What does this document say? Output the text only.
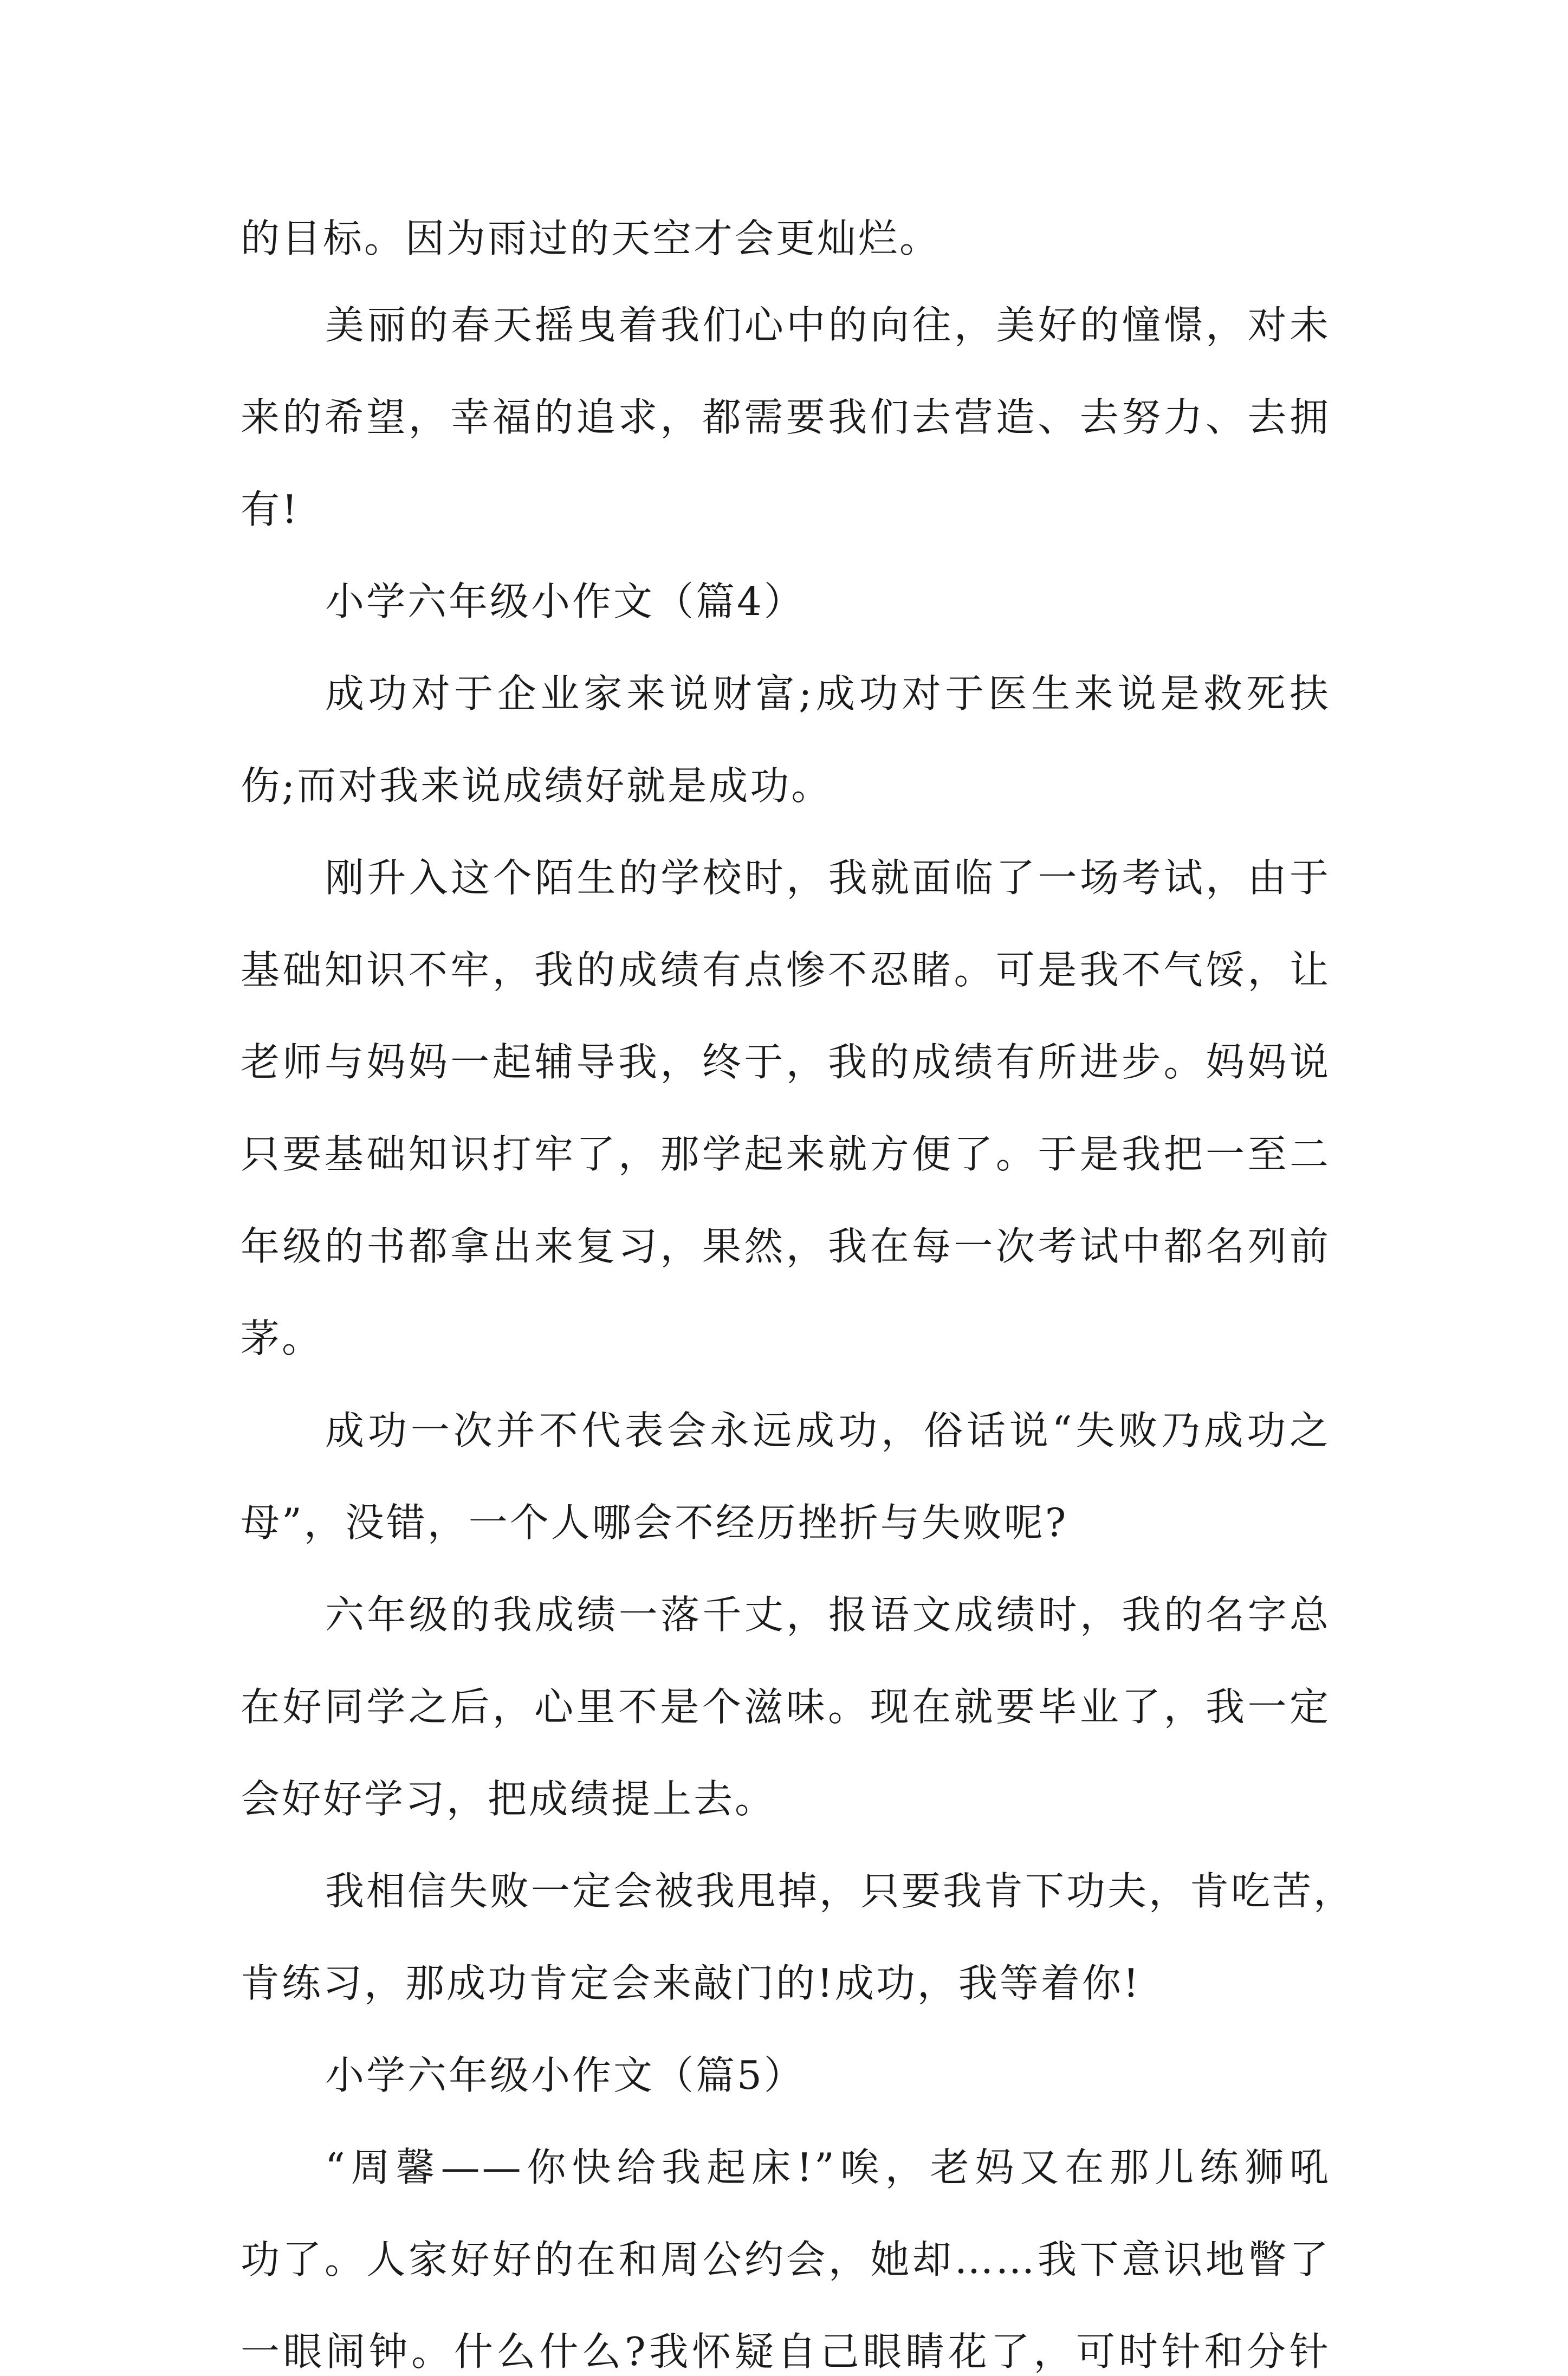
的目标。因为雨过的天空才会更灿烂。
美丽的春天摇曳着我们心中的向往，美好的憧憬，对未
来的希望，幸福的追求，都需要我们去营造、去努力、去拥
有!
小学六年级小作文（篇4）
成功对于企业家来说财富;成功对于医生来说是救死扶
伤;而对我来说成绩好就是成功。
刚升入这个陌生的学校时，我就面临了一场考试，由于
基础知识不牢，我的成绩有点惨不忍睹。可是我不气馁，让
老师与妈妈一起辅导我，终于，我的成绩有所进步。妈妈说
只要基础知识打牢了，那学起来就方便了。于是我把一至二
年级的书都拿出来复习，果然，我在每一次考试中都名列前
茅。
成功一次并不代表会永远成功，俗话说“失败乃成功之
母”，没错，一个人哪会不经历挫折与失败呢?
六年级的我成绩一落千丈，报语文成绩时，我的名字总
在好同学之后，心里不是个滋味。现在就要毕业了，我一定
会好好学习，把成绩提上去。
我相信失败一定会被我甩掉，只要我肯下功夫，肯吃苦，
肯练习，那成功肯定会来敲门的!成功，我等着你!
小学六年级小作文（篇5）
“周馨——你快给我起床!”唉，老妈又在那儿练狮吼
功了。人家好好的在和周公约会，她却……我下意识地瞥了
一眼闹钟。什么什么?我怀疑自己眼睛花了，可时针和分针
